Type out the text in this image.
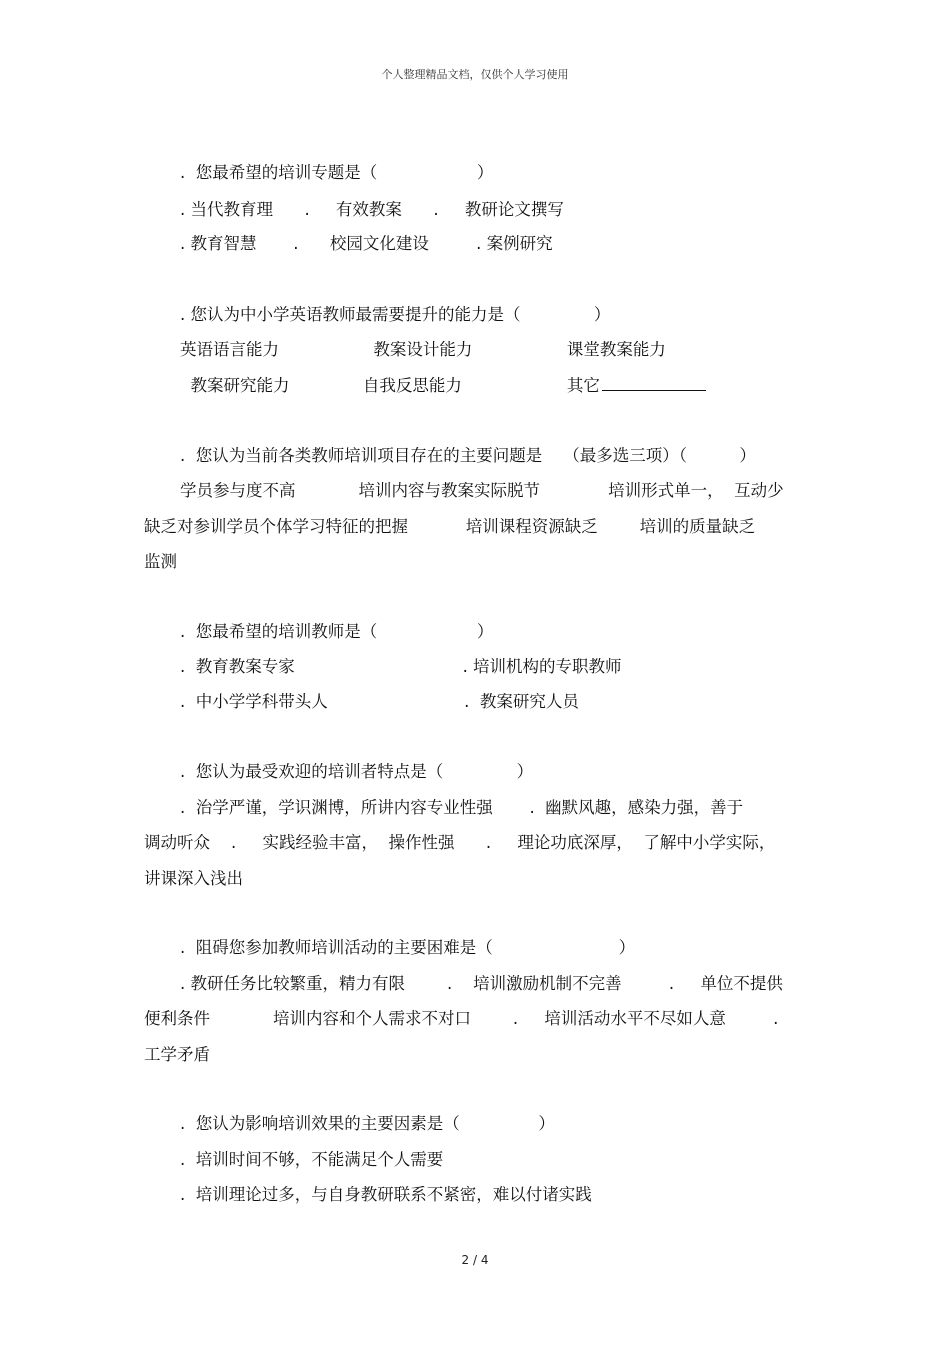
个人整理精品文档，仅供个人学习使用
.  您最希望的培训专题是（                   ）
. 当代教育理      .     有效教案      .     教研论文撰写
. 教育智慧       .      校园文化建设         . 案例研究
. 您认为中小学英语教师最需要提升的能力是（              ）
英语语言能力                  教案设计能力                  课堂教案能力
教案研究能力              自我反思能力                    其它
.  您认为当前各类教师培训项目存在的主要问题是    （最多选三项）（          ）
学员参与度不高            培训内容与教案实际脱节             培训形式单一，  互动少
缺乏对参训学员个体学习特征的把握           培训课程资源缺乏        培训的质量缺乏
监测
.  您最希望的培训教师是（                   ）
.  教育教案专家                                . 培训机构的专职教师
.  中小学学科带头人                          .  教案研究人员
.  您认为最受欢迎的培训者特点是（              ）
.  治学严谨，学识渊博，所讲内容专业性强       .  幽默风趣，感染力强，善于
调动听众    .     实践经验丰富，  操作性强      .     理论功底深厚，  了解中小学实际，
讲课深入浅出
.  阻碍您参加教师培训活动的主要困难是（                        ）
. 教研任务比较繁重，精力有限        .    培训激励机制不完善         .     单位不提供
便利条件            培训内容和个人需求不对口        .     培训活动水平不尽如人意         .
工学矛盾
.  您认为影响培训效果的主要因素是（               ）
.  培训时间不够，不能满足个人需要
.  培训理论过多，与自身教研联系不紧密，难以付诸实践
2 / 4
